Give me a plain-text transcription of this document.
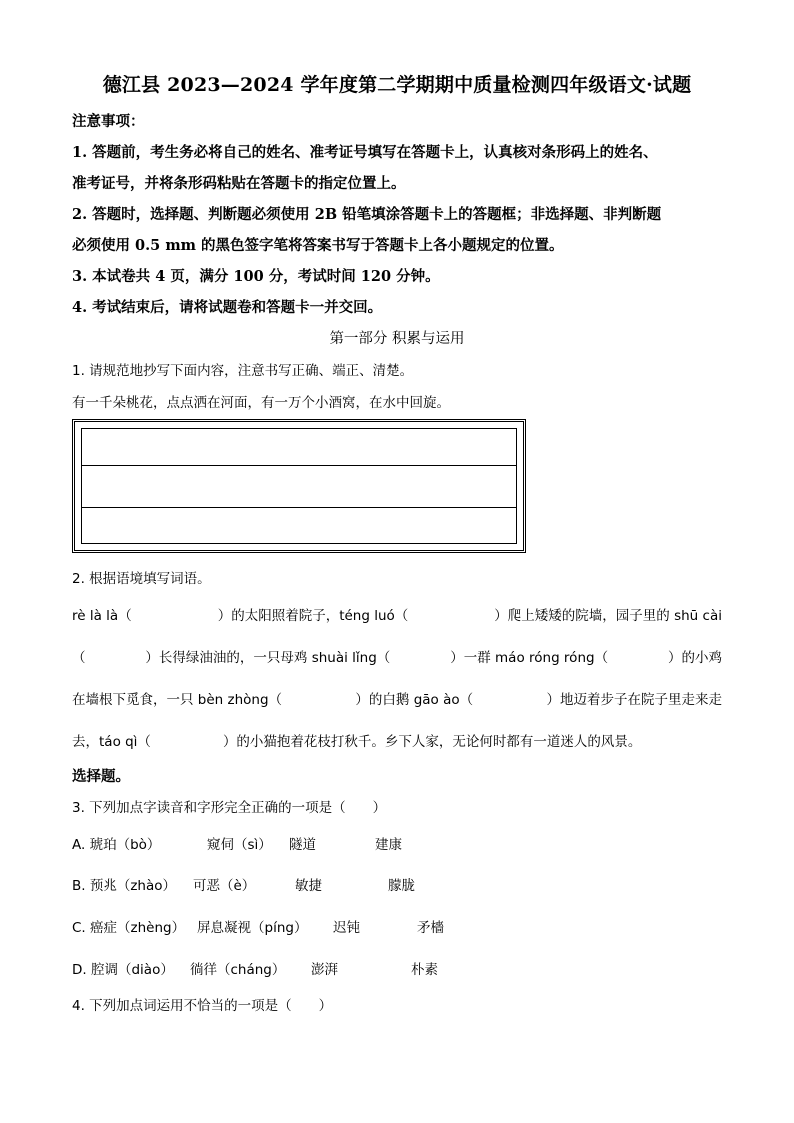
德江县 2023—2024 学年度第二学期期中质量检测四年级语文·试题
注意事项：
1. 答题前，考生务必将自己的姓名、准考证号填写在答题卡上，认真核对条形码上的姓名、
准考证号，并将条形码粘贴在答题卡的指定位置上。
2. 答题时，选择题、判断题必须使用 2B 铅笔填涂答题卡上的答题框；非选择题、非判断题
必须使用 0.5 mm 的黑色签字笔将答案书写于答题卡上各小题规定的位置。
3. 本试卷共 4 页，满分 100 分，考试时间 120 分钟。
4. 考试结束后，请将试题卷和答题卡一并交回。
第一部分 积累与运用
1. 请规范地抄写下面内容，注意书写正确、端正、清楚。
有一千朵桃花，点点洒在河面，有一万个小酒窝，在水中回旋。
2. 根据语境填写词语。
rè là là（	）的太阳照着院子，téng luó（	）爬上矮矮的院墙，园子里的 shū cài
（	）长得绿油油的，一只母鸡 shuài lǐng（	）一群 máo róng róng（	）的小鸡
在墙根下觅食，一只 bèn zhòng（	）的白鹅 gāo ào（	）地迈着步子在院子里走来走
去，táo qì（	）的小猫抱着花枝打秋千。乡下人家，无论何时都有一道迷人的风景。
选择题。
3. 下列加点字读音和字形完全正确的一项是（　　）
A. 琥珀（bò）	窥伺（sì） 隧道	建康
B. 预兆（zhào） 可恶（è）	敏捷	朦胧
C. 癌症（zhèng） 屏息凝视（píng） 迟钝	矛檣
D. 腔调（diào） 徜徉（cháng） 澎湃	朴素
4. 下列加点词运用不恰当的一项是（　　）
